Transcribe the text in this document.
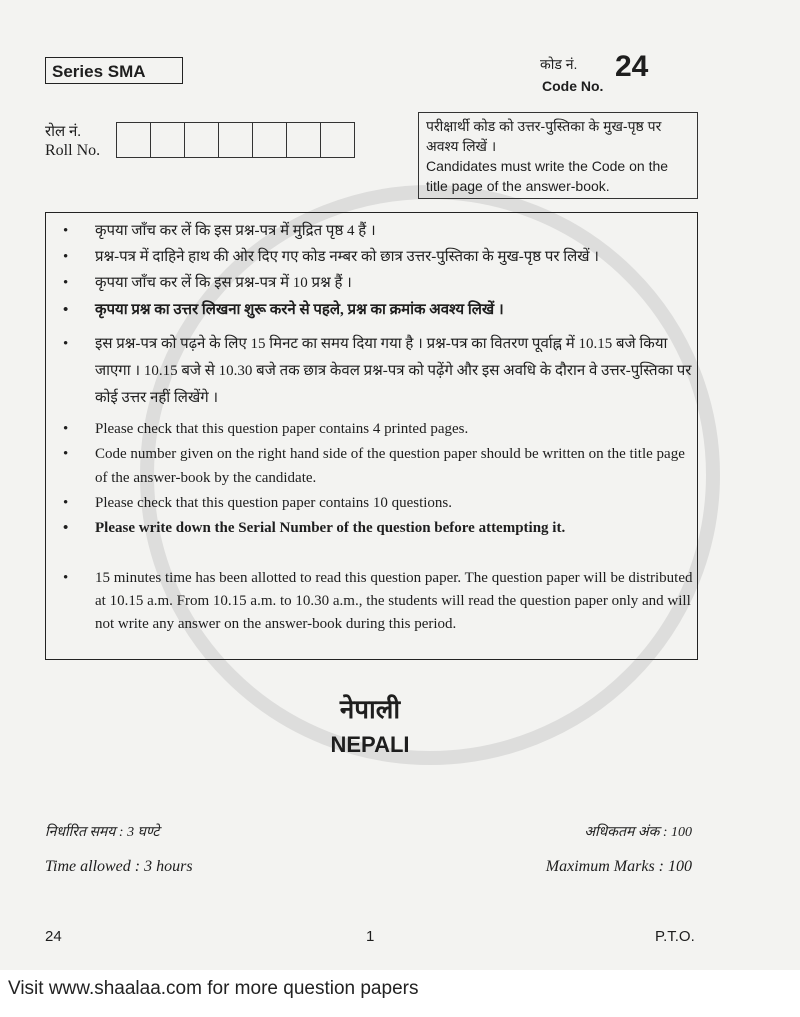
Series SMA	कोड नं. 24
Code No.
रोल नं.
Roll No.
परीक्षार्थी कोड को उत्तर-पुस्तिका के मुख-पृष्ठ पर अवश्य लिखें ।
Candidates must write the Code on the title page of the answer-book.
• कृपया जाँच कर लें कि इस प्रश्न-पत्र में मुद्रित पृष्ठ 4 हैं ।
• प्रश्न-पत्र में दाहिने हाथ की ओर दिए गए कोड नम्बर को छात्र उत्तर-पुस्तिका के मुख-पृष्ठ पर लिखें ।
• कृपया जाँच कर लें कि इस प्रश्न-पत्र में 10 प्रश्न हैं ।
• कृपया प्रश्न का उत्तर लिखना शुरू करने से पहले, प्रश्न का क्रमांक अवश्य लिखें ।
• इस प्रश्न-पत्र को पढ़ने के लिए 15 मिनट का समय दिया गया है । प्रश्न-पत्र का वितरण पूर्वाह्न में 10.15 बजे किया जाएगा । 10.15 बजे से 10.30 बजे तक छात्र केवल प्रश्न-पत्र को पढ़ेंगे और इस अवधि के दौरान वे उत्तर-पुस्तिका पर कोई उत्तर नहीं लिखेंगे ।
• Please check that this question paper contains 4 printed pages.
• Code number given on the right hand side of the question paper should be written on the title page of the answer-book by the candidate.
• Please check that this question paper contains 10 questions.
• Please write down the Serial Number of the question before attempting it.
• 15 minutes time has been allotted to read this question paper. The question paper will be distributed at 10.15 a.m. From 10.15 a.m. to 10.30 a.m., the students will read the question paper only and will not write any answer on the answer-book during this period.
नेपाली
NEPALI
निर्धारित समय : 3 घण्टे	अधिकतम अंक : 100
Time allowed : 3 hours	Maximum Marks : 100
24	1	P.T.O.
Visit www.shaalaa.com for more question papers
